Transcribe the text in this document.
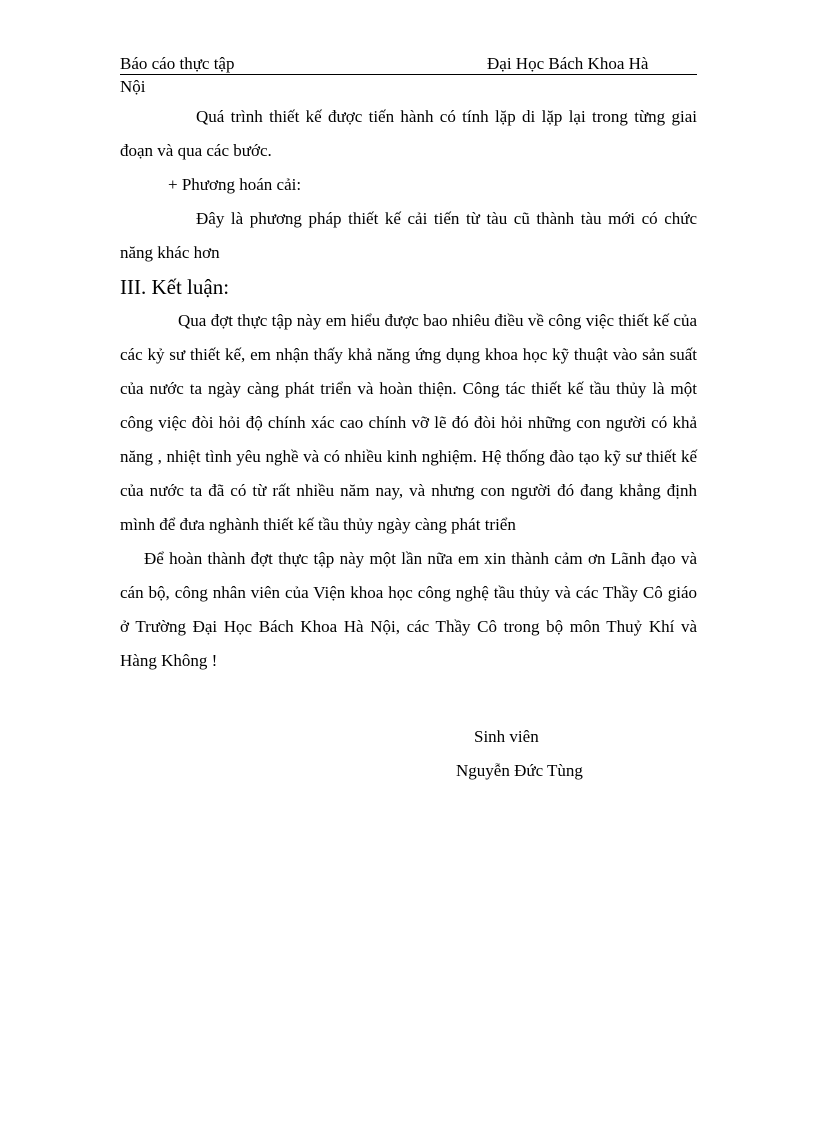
Báo cáo thực tập	Đại Học Bách Khoa Hà
Nội

Quá trình thiết kế được tiến hành có tính lặp di lặp lại trong từng giai đoạn và qua các bước.

+ Phương hoán cải:

Đây là phương pháp thiết kế cải tiến từ tàu cũ thành tàu mới có chức năng khác hơn

III. Kết luận:

Qua đợt thực tập này em hiểu được bao nhiêu điều về công việc thiết kế của các kỷ sư thiết kế, em nhận thấy khả năng ứng dụng khoa học kỹ thuật vào sản suất của nước ta ngày càng phát triển và hoàn thiện. Công tác thiết kế tầu thủy là một công việc đòi hỏi độ chính xác cao chính vỡ lẽ đó đòi hỏi những con người có khả năng , nhiệt tình yêu nghề và có nhiều kinh nghiệm. Hệ thống đào tạo kỹ sư thiết kế của nước ta đã có từ rất nhiều năm nay, và nhưng con người đó đang khẳng định mình để đưa nghành thiết kế tầu thủy ngày càng phát triển

Để hoàn thành đợt thực tập này một lần nữa em xin thành cảm ơn Lãnh đạo và cán bộ, công nhân viên của Viện khoa học công nghệ tầu thủy và các Thầy Cô giáo ở Trường Đại Học Bách Khoa Hà Nội, các Thầy Cô trong bộ môn Thuỷ Khí và Hàng Không !

Sinh viên
Nguyễn Đức Tùng
